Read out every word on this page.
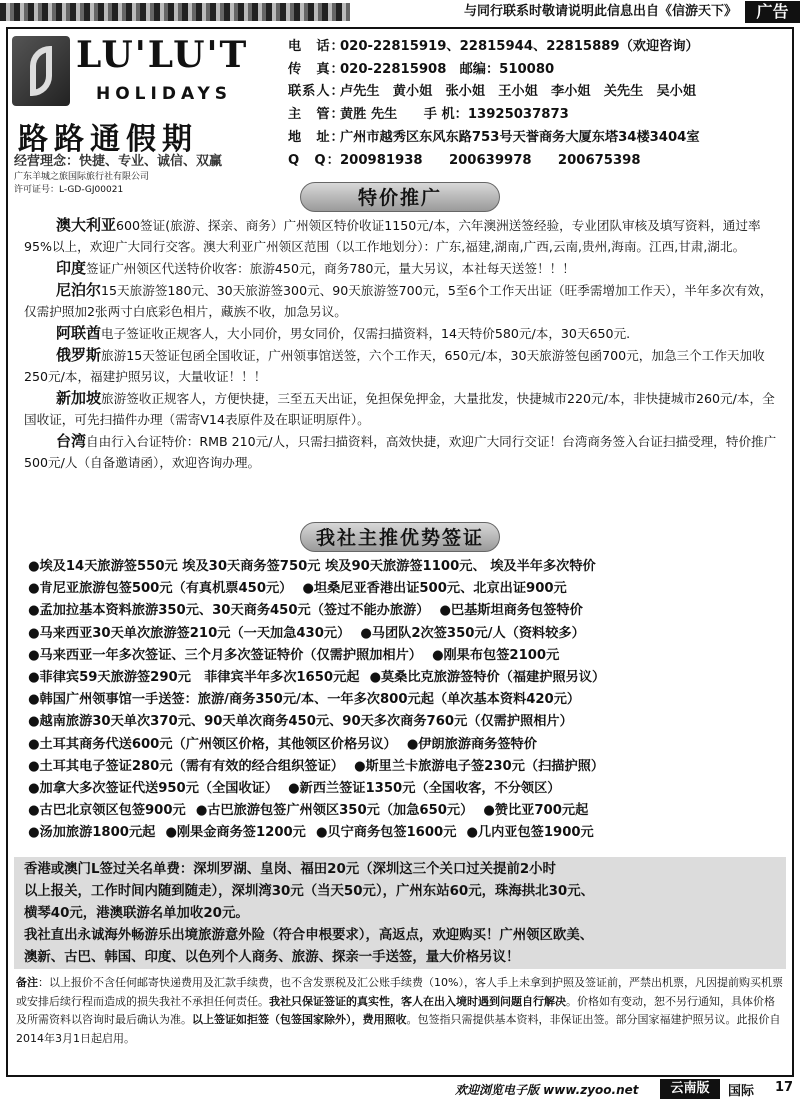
与同行联系时敬请说明此信息出自《信游天下》	广告
LU'LU'T
HOLIDAYS
路路通假期
经营理念：快捷、专业、诚信、双赢
广东羊城之旅国际旅行社有限公司
许可证号：L-GD-GJ00021
电　话：020-22815919、22815944、22815889（欢迎咨询）
传　真：020-22815908　邮编：510080
联系人：卢先生　黄小姐　张小姐　王小姐　李小姐　关先生　吴小姐
主　管：黄胜 先生　　手 机：13925037873
地　址：广州市越秀区东风东路753号天誉商务大厦东塔34楼3404室
Q　Q：200981938　　200639978　　200675398
特价推广

澳大利亚600签证(旅游、探亲、商务）广州领区特价收证1150元/本，六年澳洲送签经验，专业团队审核及填写资料，通过率95%以上，欢迎广大同行交客。澳大利亚广州领区范围（以工作地划分）：广东,福建,湖南,广西,云南,贵州,海南。江西,甘肃,湖北。

印度签证广州领区代送特价收客：旅游450元，商务780元，量大另议，本社每天送签！！！

尼泊尔15天旅游签180元、30天旅游签300元、90天旅游签700元，5至6个工作天出证（旺季需增加工作天），半年多次有效，仅需护照加2张两寸白底彩色相片，藏族不收，加急另议。

阿联酋电子签证收正规客人，大小同价，男女同价，仅需扫描资料，14天特价580元/本，30天650元.

俄罗斯旅游15天签证包函全国收证，广州领事馆送签，六个工作天，650元/本，30天旅游签包函700元，加急三个工作天加收250元/本，福建护照另议，大量收证！！！

新加坡旅游签收正规客人，方便快捷，三至五天出证，免担保免押金，大量批发，快捷城市220元/本，非快捷城市260元/本，全国收证，可先扫描件办理（需寄V14表原件及在职证明原件）。

台湾自由行入台证特价：RMB 210元/人，只需扫描资料，高效快捷，欢迎广大同行交证！台湾商务签入台证扫描受理，特价推广500元/人（自备邀请函），欢迎咨询办理。

我社主推优势签证
●埃及14天旅游签550元 埃及30天商务签750元 埃及90天旅游签1100元、 埃及半年多次特价
●肯尼亚旅游包签500元（有真机票450元） ●坦桑尼亚香港出证500元、北京出证900元
●孟加拉基本资料旅游350元、30天商务450元（签过不能办旅游） ●巴基斯坦商务包签特价
●马来西亚30天单次旅游签210元（一天加急430元） ●马团队2次签350元/人（资料较多）
●马来西亚一年多次签证、三个月多次签证特价（仅需护照加相片） ●刚果布包签2100元
●菲律宾59天旅游签290元　菲律宾半年多次1650元起 ●莫桑比克旅游签特价（福建护照另议）
●韩国广州领事馆一手送签：旅游/商务350元/本、一年多次800元起（单次基本资料420元）
●越南旅游30天单次370元、90天单次商务450元、90天多次商务760元（仅需护照相片）
●土耳其商务代送600元（广州领区价格，其他领区价格另议） ●伊朗旅游商务签特价
●土耳其电子签证280元（需有有效的经合组织签证） ●斯里兰卡旅游电子签230元（扫描护照）
●加拿大多次签证代送950元（全国收证） ●新西兰签证1350元（全国收客，不分领区）
●古巴北京领区包签900元 ●古巴旅游包签广州领区350元（加急650元） ●赞比亚700元起
●汤加旅游1800元起 ●刚果金商务签1200元 ●贝宁商务包签1600元 ●几内亚包签1900元
香港或澳门L签过关名单费：深圳罗湖、皇岗、福田20元（深圳这三个关口过关提前2小时
以上报关，工作时间内随到随走），深圳湾30元（当天50元），广州东站60元，珠海拱北30元、
横琴40元，港澳联游名单加收20元。
我社直出永诚海外畅游乐出境旅游意外险（符合申根要求），高返点，欢迎购买！广州领区欧美、
澳新、古巴、韩国、印度、以色列个人商务、旅游、探亲一手送签，量大价格另议！
备注：以上报价不含任何邮寄快递费用及汇款手续费，也不含发票税及汇公账手续费（10%），客人手上未拿到护照及签证前，严禁出机票，凡因提前购买机票或安排后续行程而造成的损失我社不承担任何责任。我社只保证签证的真实性，客人在出入境时遇到问题自行解决。价格如有变动，恕不另行通知，具体价格及所需资料以咨询时最后确认为准。以上签证如拒签（包签国家除外），费用照收。包签指只需提供基本资料，非保证出签。部分国家福建护照另议。此报价自2014年3月1日起启用。
欢迎浏览电子版 www.zyoo.net	云南版	国际 17
